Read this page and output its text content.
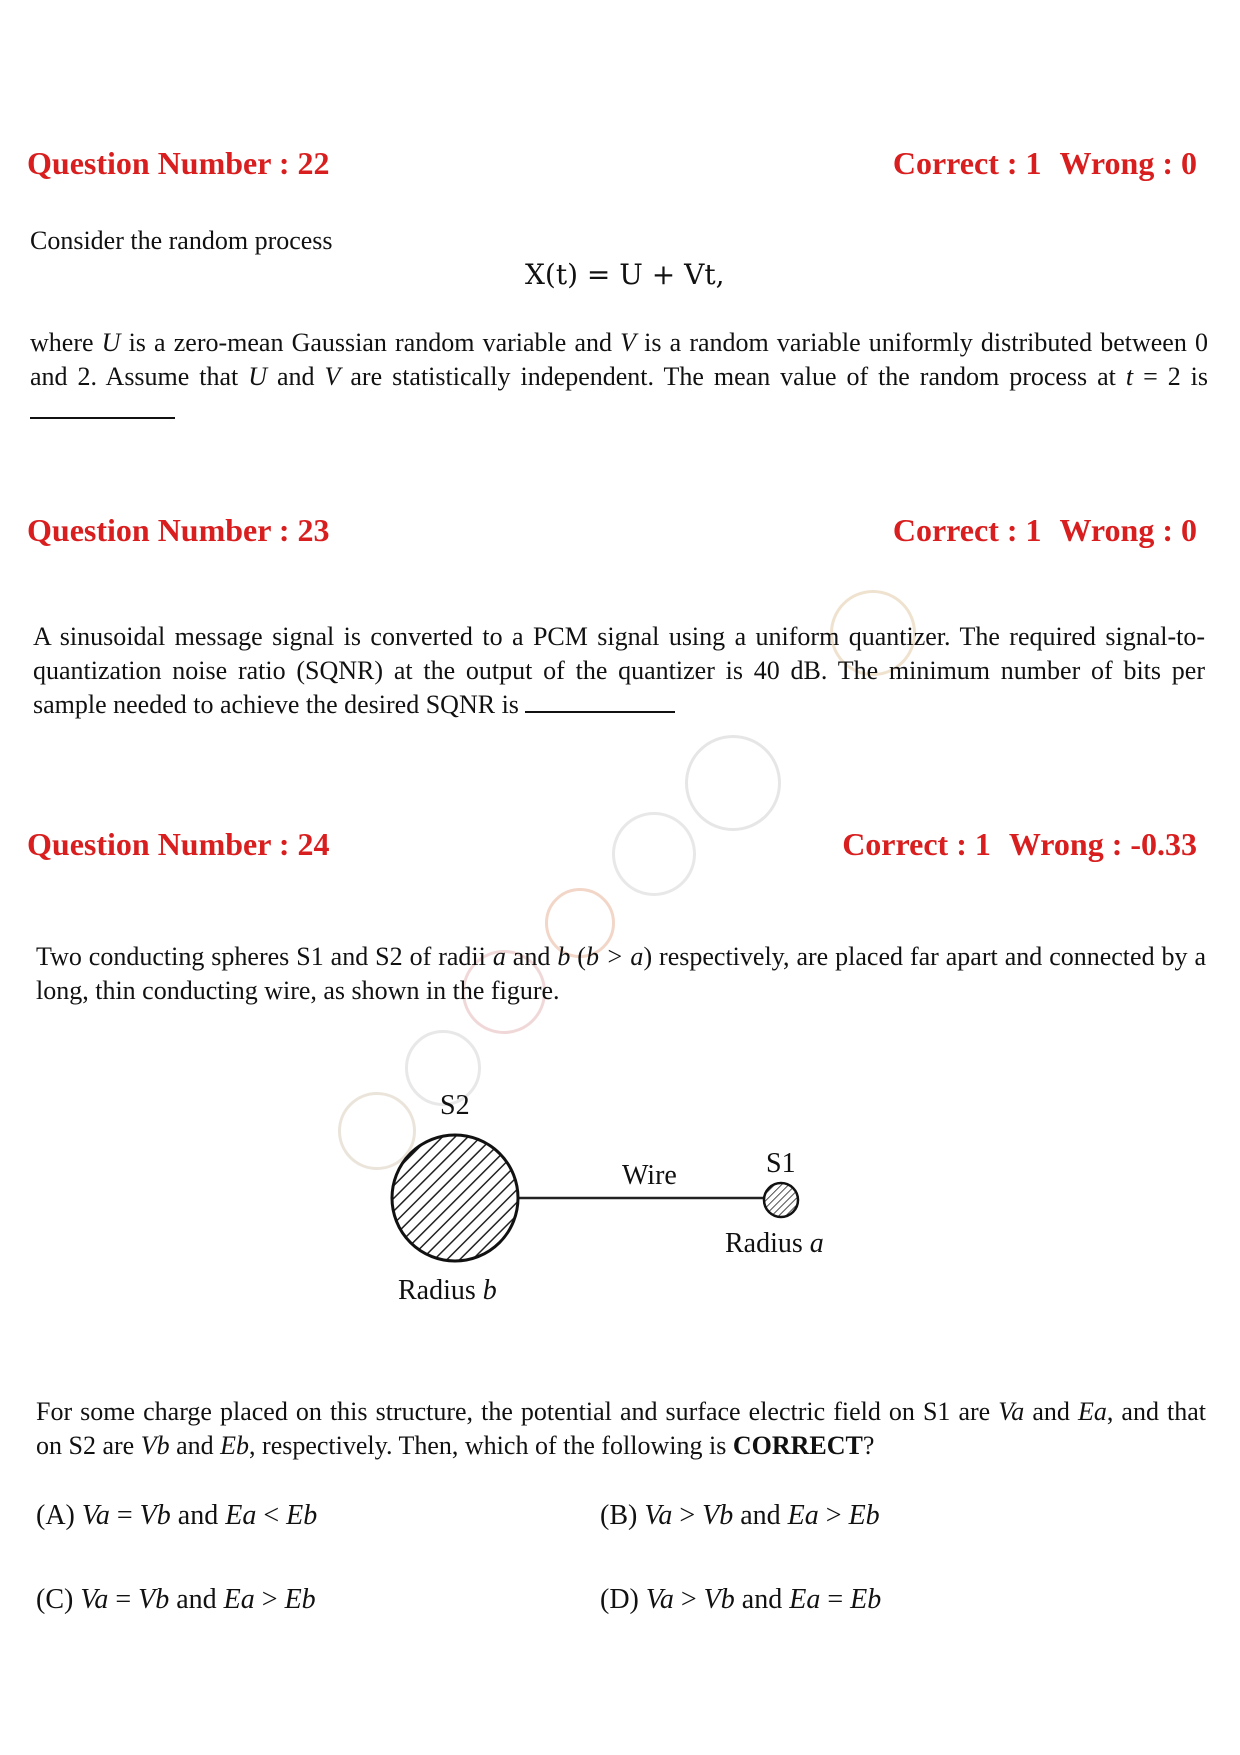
Question Number : 22	Correct : 1 Wrong : 0
Consider the random process
X(t) = U + Vt,
where U is a zero-mean Gaussian random variable and V is a random variable uniformly distributed between 0 and 2. Assume that U and V are statistically independent. The mean value of the random process at t = 2 is
Question Number : 23	Correct : 1 Wrong : 0
A sinusoidal message signal is converted to a PCM signal using a uniform quantizer. The required signal-to-quantization noise ratio (SQNR) at the output of the quantizer is 40 dB. The minimum number of bits per sample needed to achieve the desired SQNR is
Question Number : 24	Correct : 1 Wrong : -0.33
Two conducting spheres S1 and S2 of radii a and b (b > a) respectively, are placed far apart and connected by a long, thin conducting wire, as shown in the figure.
S2
S1
Wire
Radius a
Radius b
For some charge placed on this structure, the potential and surface electric field on S1 are Va and Ea, and that on S2 are Vb and Eb, respectively. Then, which of the following is CORRECT?
(A) Va = Vb and Ea < Eb	(B) Va > Vb and Ea > Eb
(C) Va = Vb and Ea > Eb	(D) Va > Vb and Ea = Eb
